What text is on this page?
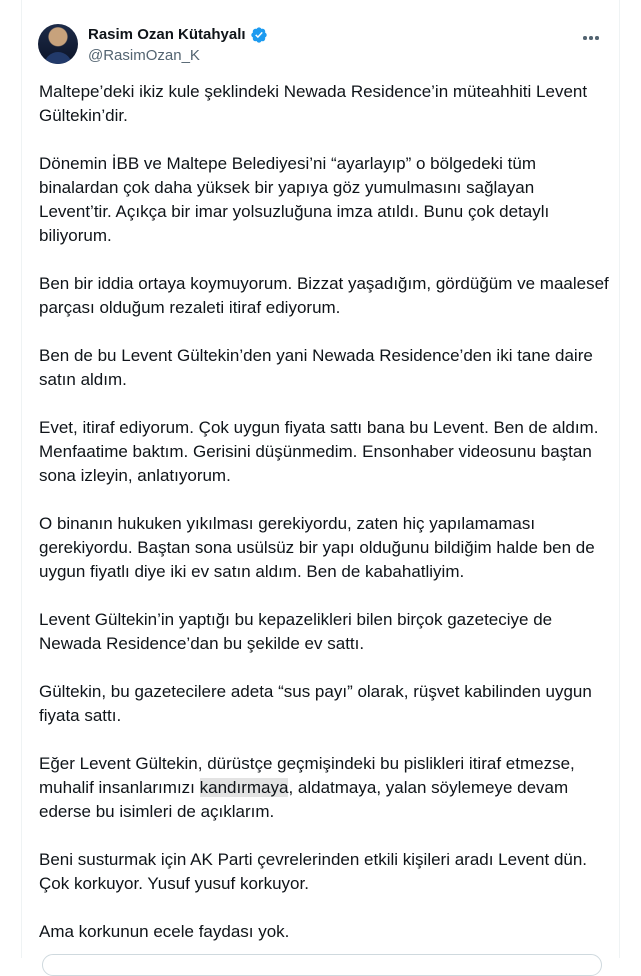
Rasim Ozan Kütahyalı
@RasimOzan_K

Maltepe’deki ikiz kule şeklindeki Newada Residence’in müteahhiti Levent Gültekin’dir.

Dönemin İBB ve Maltepe Belediyesi’ni “ayarlayıp” o bölgedeki tüm binalardan çok daha yüksek bir yapıya göz yumulmasını sağlayan Levent’tir. Açıkça bir imar yolsuzluğuna imza atıldı. Bunu çok detaylı biliyorum.

Ben bir iddia ortaya koymuyorum. Bizzat yaşadığım, gördüğüm ve maalesef parçası olduğum rezaleti itiraf ediyorum.

Ben de bu Levent Gültekin’den yani Newada Residence’den iki tane daire satın aldım.

Evet, itiraf ediyorum. Çok uygun fiyata sattı bana bu Levent. Ben de aldım. Menfaatime baktım. Gerisini düşünmedim. Ensonhaber videosunu baştan sona izleyin, anlatıyorum.

O binanın hukuken yıkılması gerekiyordu, zaten hiç yapılamaması gerekiyordu. Baştan sona usülsüz bir yapı olduğunu bildiğim halde ben de uygun fiyatlı diye iki ev satın aldım. Ben de kabahatliyim.

Levent Gültekin’in yaptığı bu kepazelikleri bilen birçok gazeteciye de Newada Residence’dan bu şekilde ev sattı.

Gültekin, bu gazetecilere adeta “sus payı” olarak, rüşvet kabilinden uygun fiyata sattı.

Eğer Levent Gültekin, dürüstçe geçmişindeki bu pislikleri itiraf etmezse, muhalif insanlarımızı kandırmaya, aldatmaya, yalan söylemeye devam ederse bu isimleri de açıklarım.

Beni susturmak için AK Parti çevrelerinden etkili kişileri aradı Levent dün. Çok korkuyor. Yusuf yusuf korkuyor.

Ama korkunun ecele faydası yok.
